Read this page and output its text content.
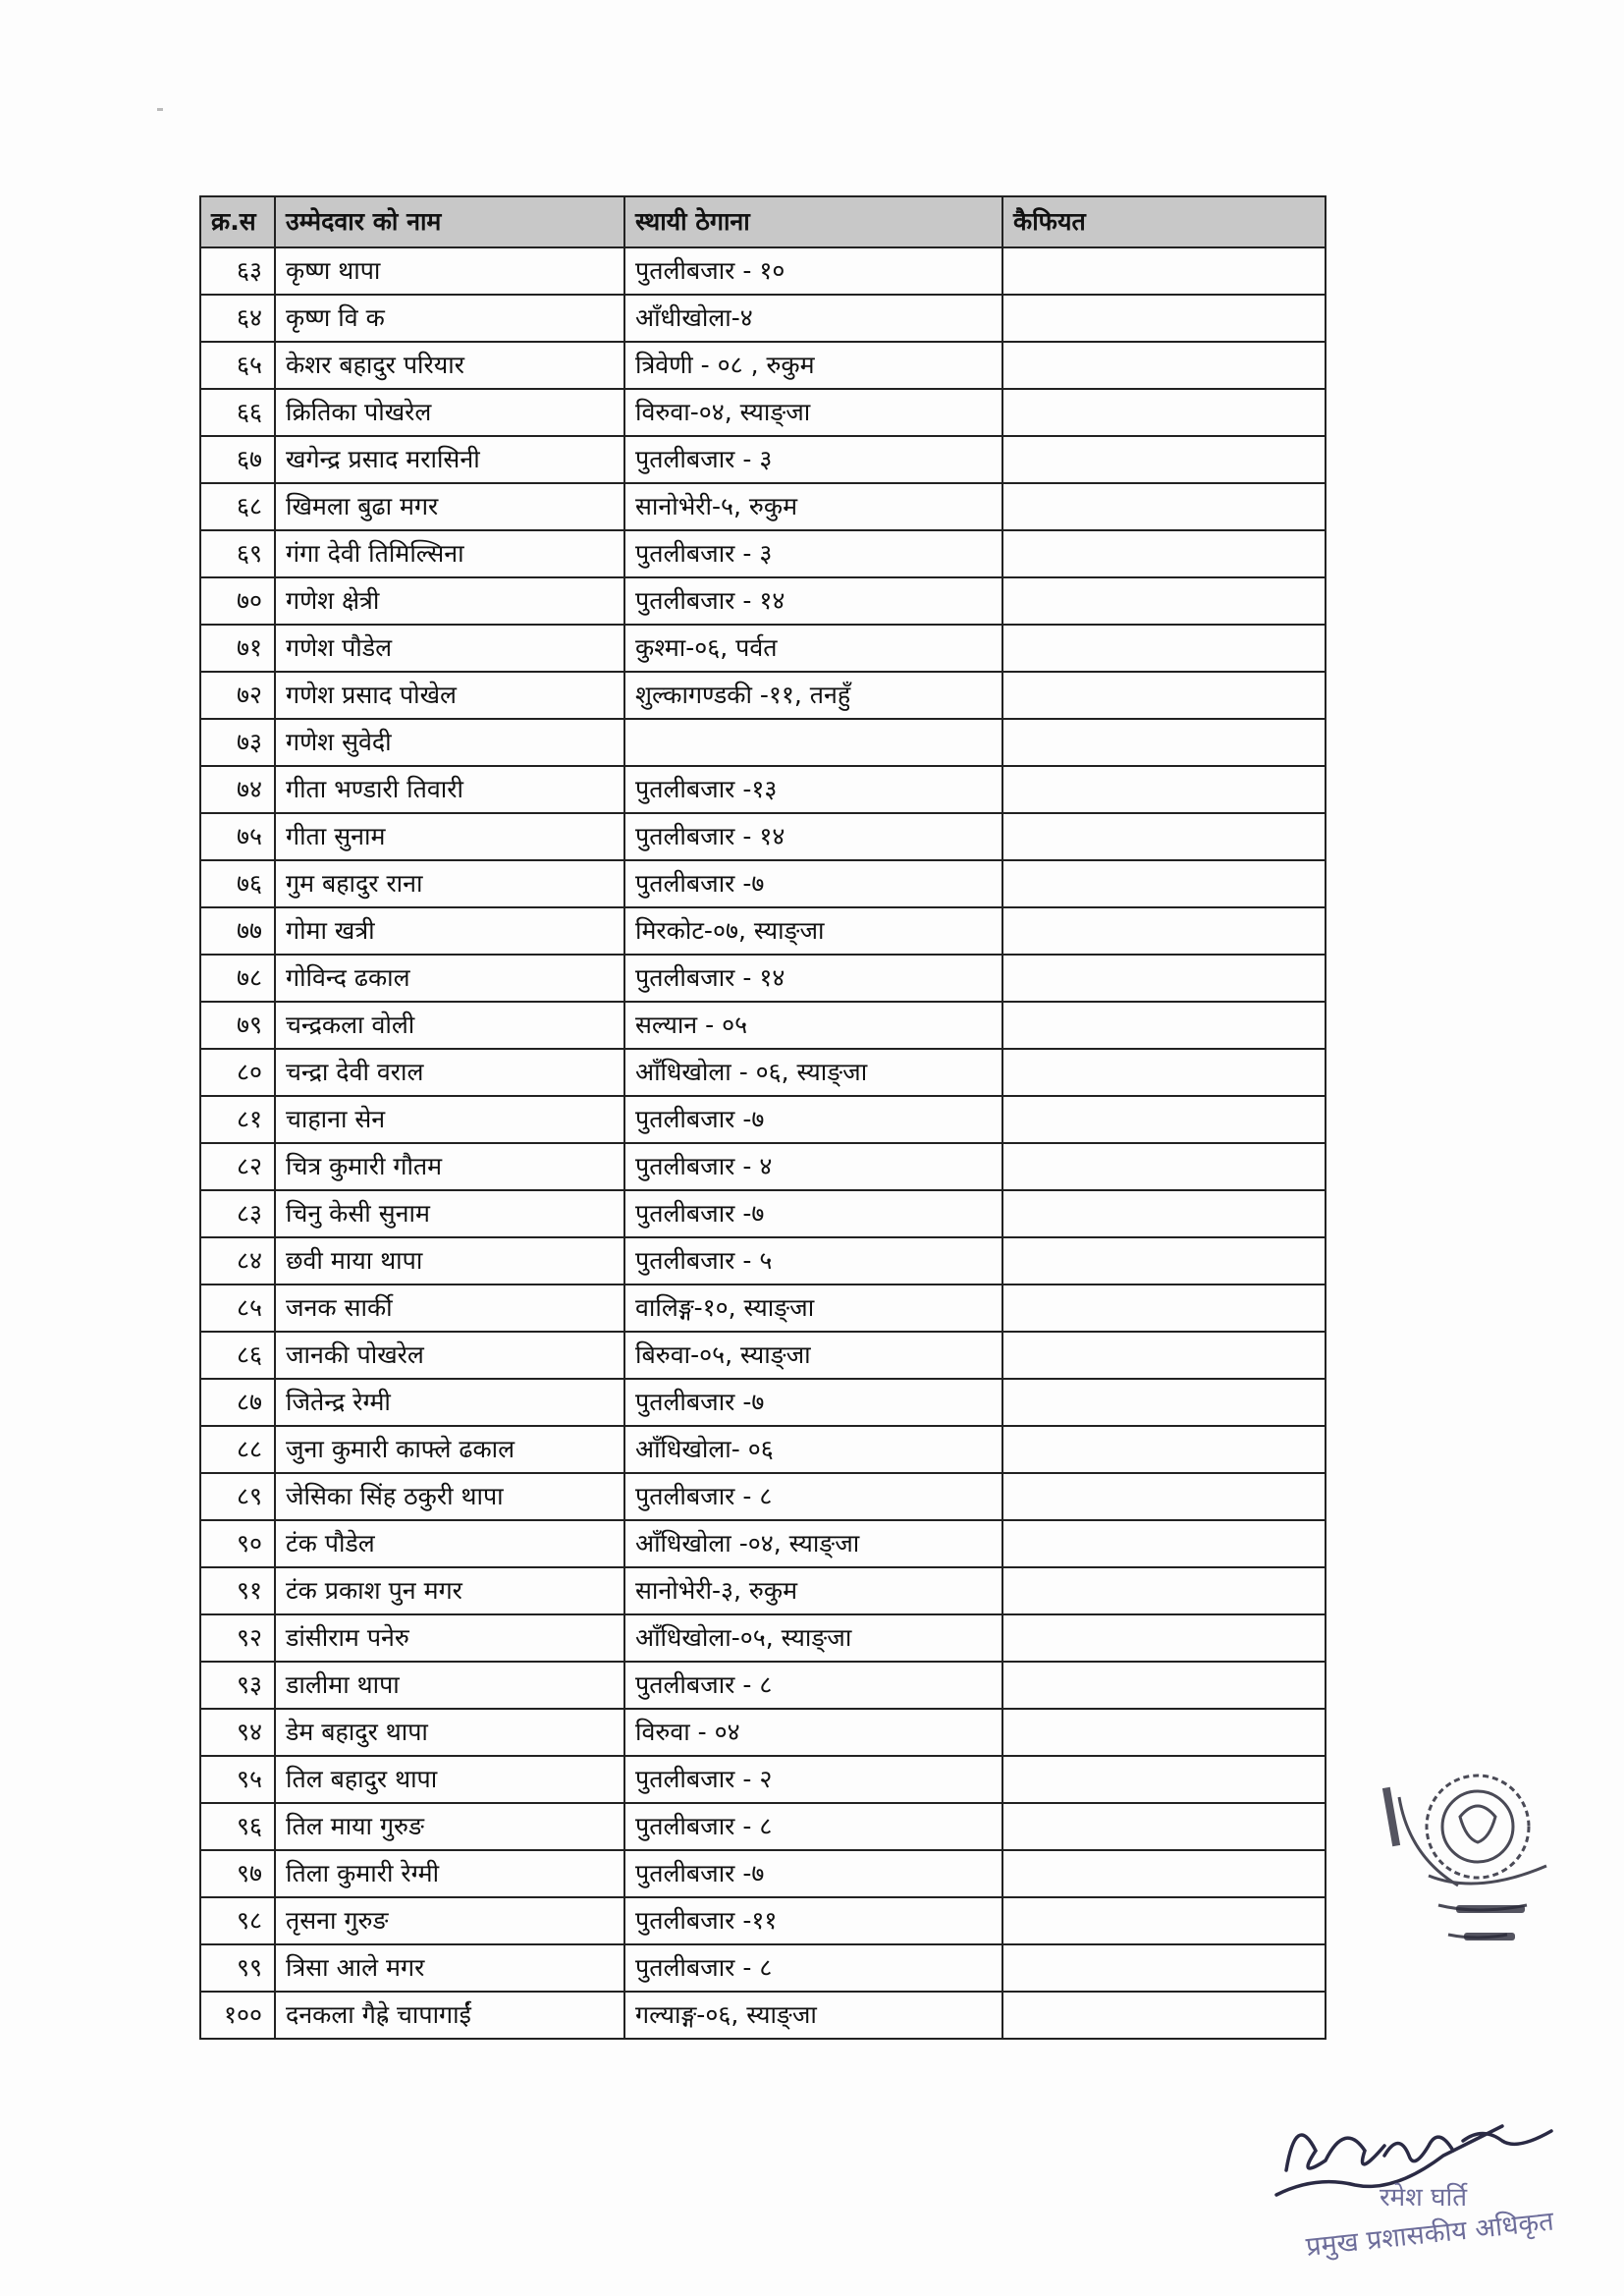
क्र.स	उम्मेदवार को नाम	स्थायी ठेगाना	कैफियत
६३	कृष्ण थापा	पुतलीबजार - १०	
६४	कृष्ण वि क	आँधीखोला-४	
६५	केशर बहादुर परियार	त्रिवेणी - ०८ , रुकुम	
६६	क्रितिका पोखरेल	विरुवा-०४, स्याङ्जा	
६७	खगेन्द्र प्रसाद मरासिनी	पुतलीबजार - ३	
६८	खिमला बुढा मगर	सानोभेरी-५, रुकुम	
६९	गंगा देवी तिमिल्सिना	पुतलीबजार - ३	
७०	गणेश क्षेत्री	पुतलीबजार - १४	
७१	गणेश पौडेल	कुश्मा-०६, पर्वत	
७२	गणेश प्रसाद पोखेल	शुल्कागण्डकी -११, तनहुँ	
७३	गणेश सुवेदी		
७४	गीता भण्डारी तिवारी	पुतलीबजार -१३	
७५	गीता सुनाम	पुतलीबजार - १४	
७६	गुम बहादुर राना	पुतलीबजार -७	
७७	गोमा खत्री	मिरकोट-०७, स्याङ्जा	
७८	गोविन्द ढकाल	पुतलीबजार - १४	
७९	चन्द्रकला वोली	सल्यान - ०५	
८०	चन्द्रा देवी वराल	आँधिखोला - ०६, स्याङ्जा	
८१	चाहाना सेन	पुतलीबजार -७	
८२	चित्र कुमारी गौतम	पुतलीबजार - ४	
८३	चिनु केसी सुनाम	पुतलीबजार -७	
८४	छवी माया थापा	पुतलीबजार - ५	
८५	जनक सार्की	वालिङ्ग-१०, स्याङ्जा	
८६	जानकी पोखरेल	बिरुवा-०५, स्याङ्जा	
८७	जितेन्द्र रेग्मी	पुतलीबजार -७	
८८	जुना कुमारी काफ्ले ढकाल	आँधिखोला- ०६	
८९	जेसिका सिंह ठकुरी थापा	पुतलीबजार - ८	
९०	टंक पौडेल	आँधिखोला -०४, स्याङ्जा	
९१	टंक प्रकाश पुन मगर	सानोभेरी-३, रुकुम	
९२	डांसीराम पनेरु	आँधिखोला-०५, स्याङ्जा	
९३	डालीमा थापा	पुतलीबजार - ८	
९४	डेम बहादुर थापा	विरुवा - ०४	
९५	तिल बहादुर थापा	पुतलीबजार - २	
९६	तिल माया गुरुङ	पुतलीबजार - ८	
९७	तिला कुमारी रेग्मी	पुतलीबजार -७	
९८	तृसना गुरुङ	पुतलीबजार -११	
९९	त्रिसा आले मगर	पुतलीबजार - ८	
१००	दनकला गैह्रे चापागाईं	गल्याङ्ग-०६, स्याङ्जा	
रमेश घर्ति
प्रमुख प्रशासकीय अधिकृत
